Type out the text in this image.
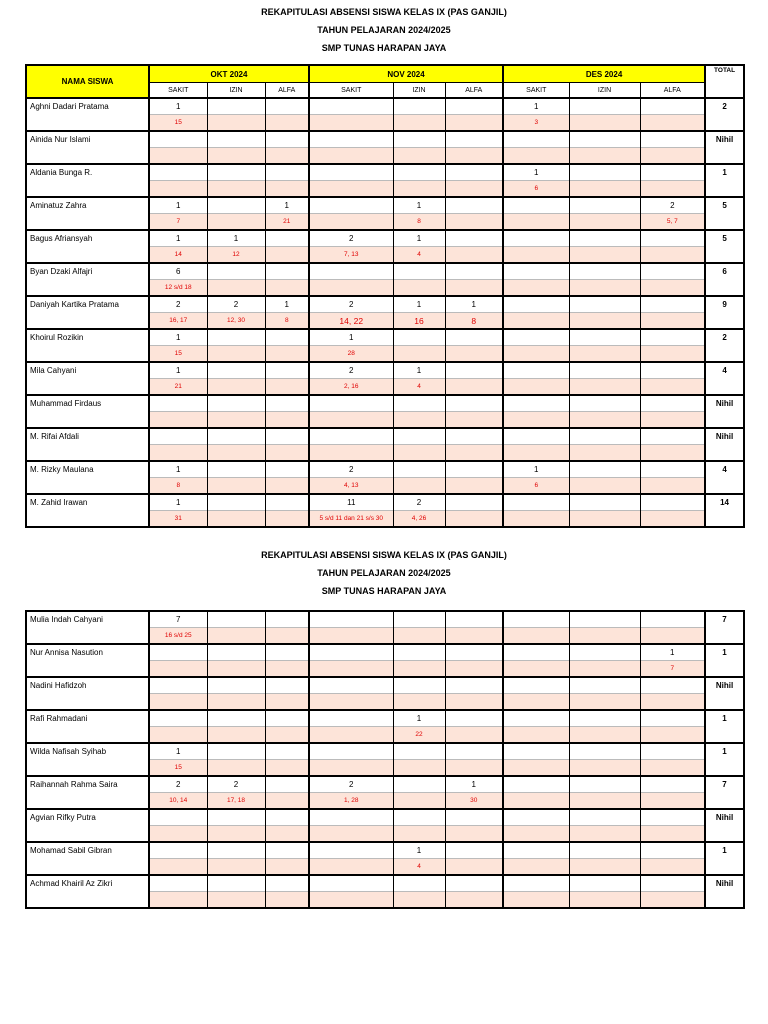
REKAPITULASI ABSENSI SISWA KELAS IX (PAS GANJIL)
TAHUN PELAJARAN 2024/2025
SMP TUNAS HARAPAN JAYA
NAMA SISWA	OKT 2024			NOV 2024			DES 2024			TOTAL
	SAKIT	IZIN	ALFA	SAKIT	IZIN	ALFA	SAKIT	IZIN	ALFA	
Aghni Dadari Pratama	1						1			2
	15						3			
Ainida Nur Islami										Nihil

Aldania Bunga R.							1			1
							6			
Aminatuz Zahra	1		1		1				2	5
	7		21		8				5, 7	
Bagus Afriansyah	1	1		2	1					5
	14	12		7, 13	4					
Byan Dzaki Alfajri	6									6
	12 s/d 18									
Daniyah Kartika Pratama	2	2	1	2	1	1				9
	16, 17	12, 30	8	14, 22	16	8				
Khoirul Rozikin	1			1						2
	15			28						
Mila Cahyani	1			2	1					4
	21			2, 16	4					
Muhammad Firdaus										Nihil

M. Rifai Afdali										Nihil

M. Rizky Maulana	1			2			1			4
	8			4, 13			6			
M. Zahid Irawan	1			11	2					14
	31			5 s/d 11 dan 21 s/s 30	4, 26					
REKAPITULASI ABSENSI SISWA KELAS IX (PAS GANJIL)
TAHUN PELAJARAN 2024/2025
SMP TUNAS HARAPAN JAYA
Mulia Indah Cahyani	7									7
	16 s/d 25									
Nur Annisa Nasution									1	1
									7	
Nadini Hafidzoh										Nihil

Rafi Rahmadani					1					1
					22					
Wilda Nafisah Syihab	1									1
	15									
Raihannah Rahma Saira	2	2		2		1				7
	10, 14	17, 18		1, 28		30				
Agvian Rifky Putra										Nihil

Mohamad Sabil Gibran					1					1
					4					
Achmad Khairil Az Zikri										Nihil
